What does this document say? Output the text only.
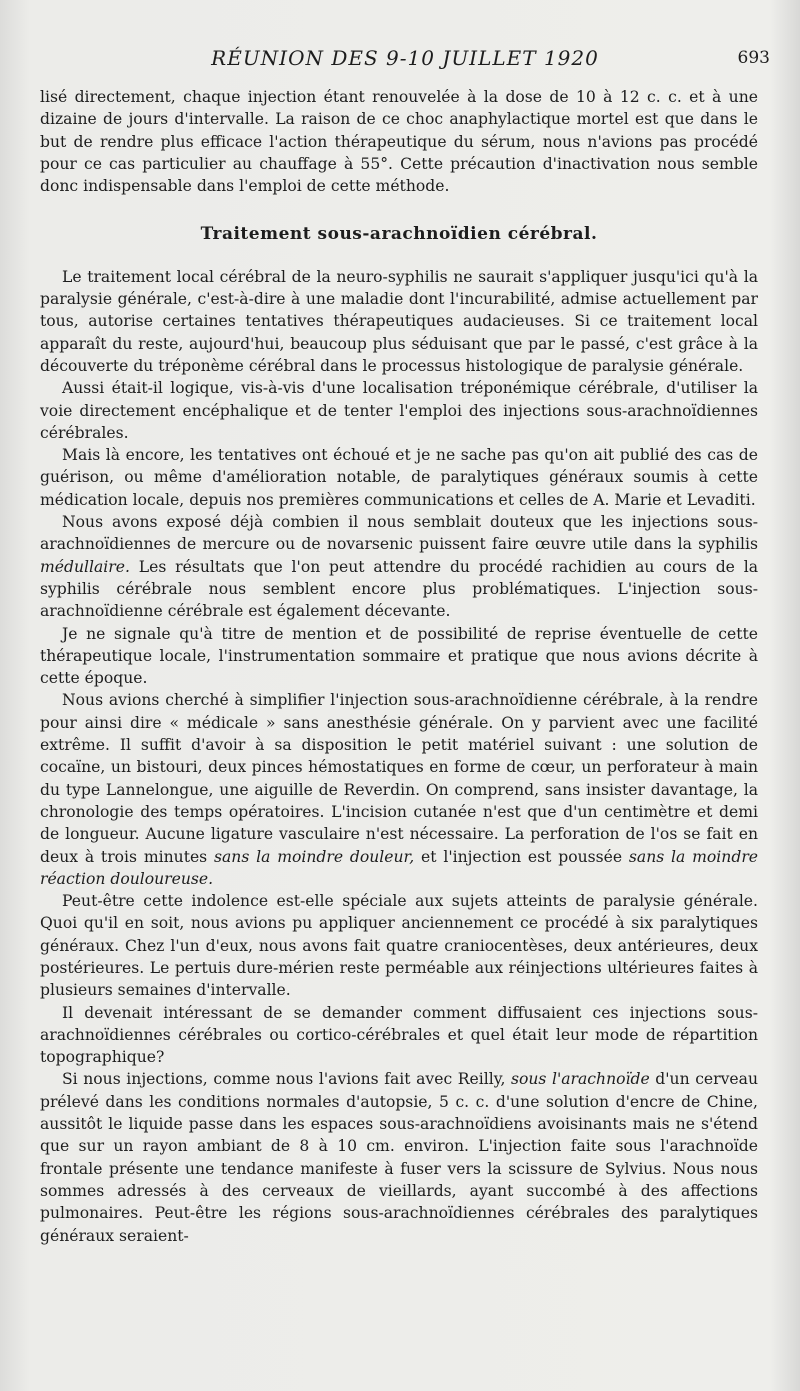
RÉUNION DES 9-10 JUILLET 1920	693

lisé directement, chaque injection étant renouvelée à la dose de 10 à 12 c. c. et à une dizaine de jours d'intervalle. La raison de ce choc anaphylactique mortel est que dans le but de rendre plus efficace l'action thérapeutique du sérum, nous n'avions pas procédé pour ce cas particulier au chauffage à 55°. Cette précaution d'inactivation nous semble donc indispensable dans l'emploi de cette méthode.

Traitement sous-arachnoïdien cérébral.

Le traitement local cérébral de la neuro-syphilis ne saurait s'appliquer jusqu'ici qu'à la paralysie générale, c'est-à-dire à une maladie dont l'incurabilité, admise actuellement par tous, autorise certaines tentatives thérapeutiques audacieuses. Si ce traitement local apparaît du reste, aujourd'hui, beaucoup plus séduisant que par le passé, c'est grâce à la découverte du tréponème cérébral dans le processus histologique de paralysie générale.

Aussi était-il logique, vis-à-vis d'une localisation tréponémique cérébrale, d'utiliser la voie directement encéphalique et de tenter l'emploi des injections sous-arachnoïdiennes cérébrales.

Mais là encore, les tentatives ont échoué et je ne sache pas qu'on ait publié des cas de guérison, ou même d'amélioration notable, de paralytiques généraux soumis à cette médication locale, depuis nos premières communications et celles de A. Marie et Levaditi.

Nous avons exposé déjà combien il nous semblait douteux que les injections sous-arachnoïdiennes de mercure ou de novarsenic puissent faire œuvre utile dans la syphilis médullaire. Les résultats que l'on peut attendre du procédé rachidien au cours de la syphilis cérébrale nous semblent encore plus problématiques. L'injection sous-arachnoïdienne cérébrale est également décevante.

Je ne signale qu'à titre de mention et de possibilité de reprise éventuelle de cette thérapeutique locale, l'instrumentation sommaire et pratique que nous avions décrite à cette époque.

Nous avions cherché à simplifier l'injection sous-arachnoïdienne cérébrale, à la rendre pour ainsi dire « médicale » sans anesthésie générale. On y parvient avec une facilité extrême. Il suffit d'avoir à sa disposition le petit matériel suivant : une solution de cocaïne, un bistouri, deux pinces hémostatiques en forme de cœur, un perforateur à main du type Lannelongue, une aiguille de Reverdin. On comprend, sans insister davantage, la chronologie des temps opératoires. L'incision cutanée n'est que d'un centimètre et demi de longueur. Aucune ligature vasculaire n'est nécessaire. La perforation de l'os se fait en deux à trois minutes sans la moindre douleur, et l'injection est poussée sans la moindre réaction douloureuse.

Peut-être cette indolence est-elle spéciale aux sujets atteints de paralysie générale. Quoi qu'il en soit, nous avions pu appliquer anciennement ce procédé à six paralytiques généraux. Chez l'un d'eux, nous avons fait quatre craniocentèses, deux antérieures, deux postérieures. Le pertuis dure-mérien reste perméable aux réinjections ultérieures faites à plusieurs semaines d'intervalle.

Il devenait intéressant de se demander comment diffusaient ces injections sous-arachnoïdiennes cérébrales ou cortico-cérébrales et quel était leur mode de répartition topographique?

Si nous injections, comme nous l'avions fait avec Reilly, sous l'arachnoïde d'un cerveau prélevé dans les conditions normales d'autopsie, 5 c. c. d'une solution d'encre de Chine, aussitôt le liquide passe dans les espaces sous-arachnoïdiens avoisinants mais ne s'étend que sur un rayon ambiant de 8 à 10 cm. environ. L'injection faite sous l'arachnoïde frontale présente une tendance manifeste à fuser vers la scissure de Sylvius. Nous nous sommes adressés à des cerveaux de vieillards, ayant succombé à des affections pulmonaires. Peut-être les régions sous-arachnoïdiennes cérébrales des paralytiques généraux seraient-
